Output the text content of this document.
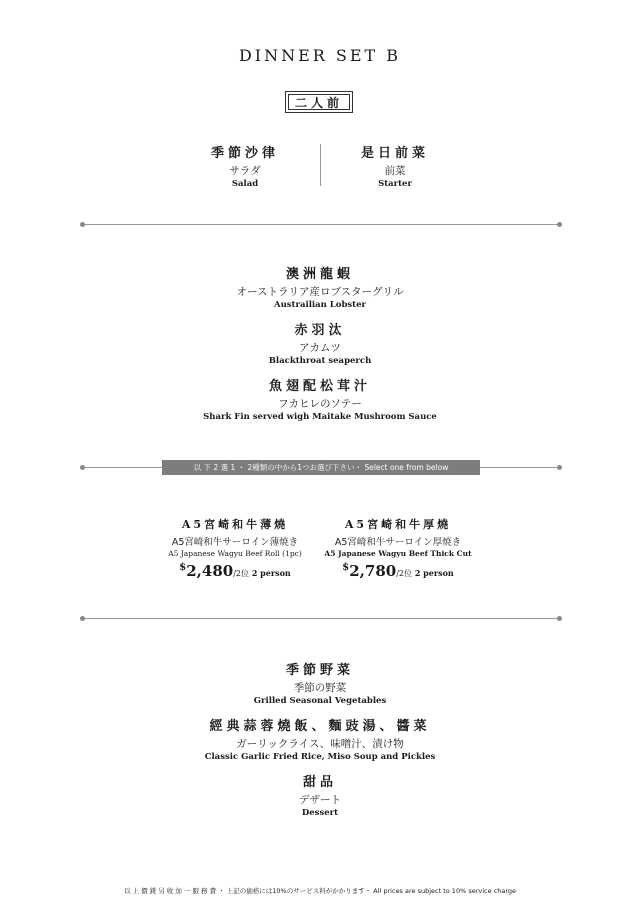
DINNER SET B
二人前
季節沙律
サラダ
Salad
是日前菜
前菜
Starter
澳洲龍蝦
オーストラリア産ロブスターグリル
Austrailian Lobster
赤羽汰
アカムツ
Blackthroat seaperch
魚翅配松茸汁
フカヒレのソテー
Shark Fin served wigh Maitake Mushroom Sauce
以 下 2 選 1 ・ 2種類の中から1つお選び下さい・ Select one from below
A5宮崎和牛薄燒
A5宮崎和牛サーロイン薄焼き
A5 Japanese Wagyu Beef Roll (1pc)
$2,480/2位 2 person
A5宮崎和牛厚燒
A5宮崎和牛サーロイン厚焼き
A5 Japanese Wagyu Beef Thick Cut
$2,780/2位 2 person
季節野菜
季節の野菜
Grilled Seasonal Vegetables
經典蒜蓉燒飯、麵豉湯、醬菜
ガーリックライス、味噌汁、漬け物
Classic Garlic Fried Rice, Miso Soup and Pickles
甜品
デザート
Dessert
以 上 價 錢 另 收 加 一 服 務 費 ・ 上記の価格には10%のサービス料がかかります・ All prices are subject to 10% service charge
